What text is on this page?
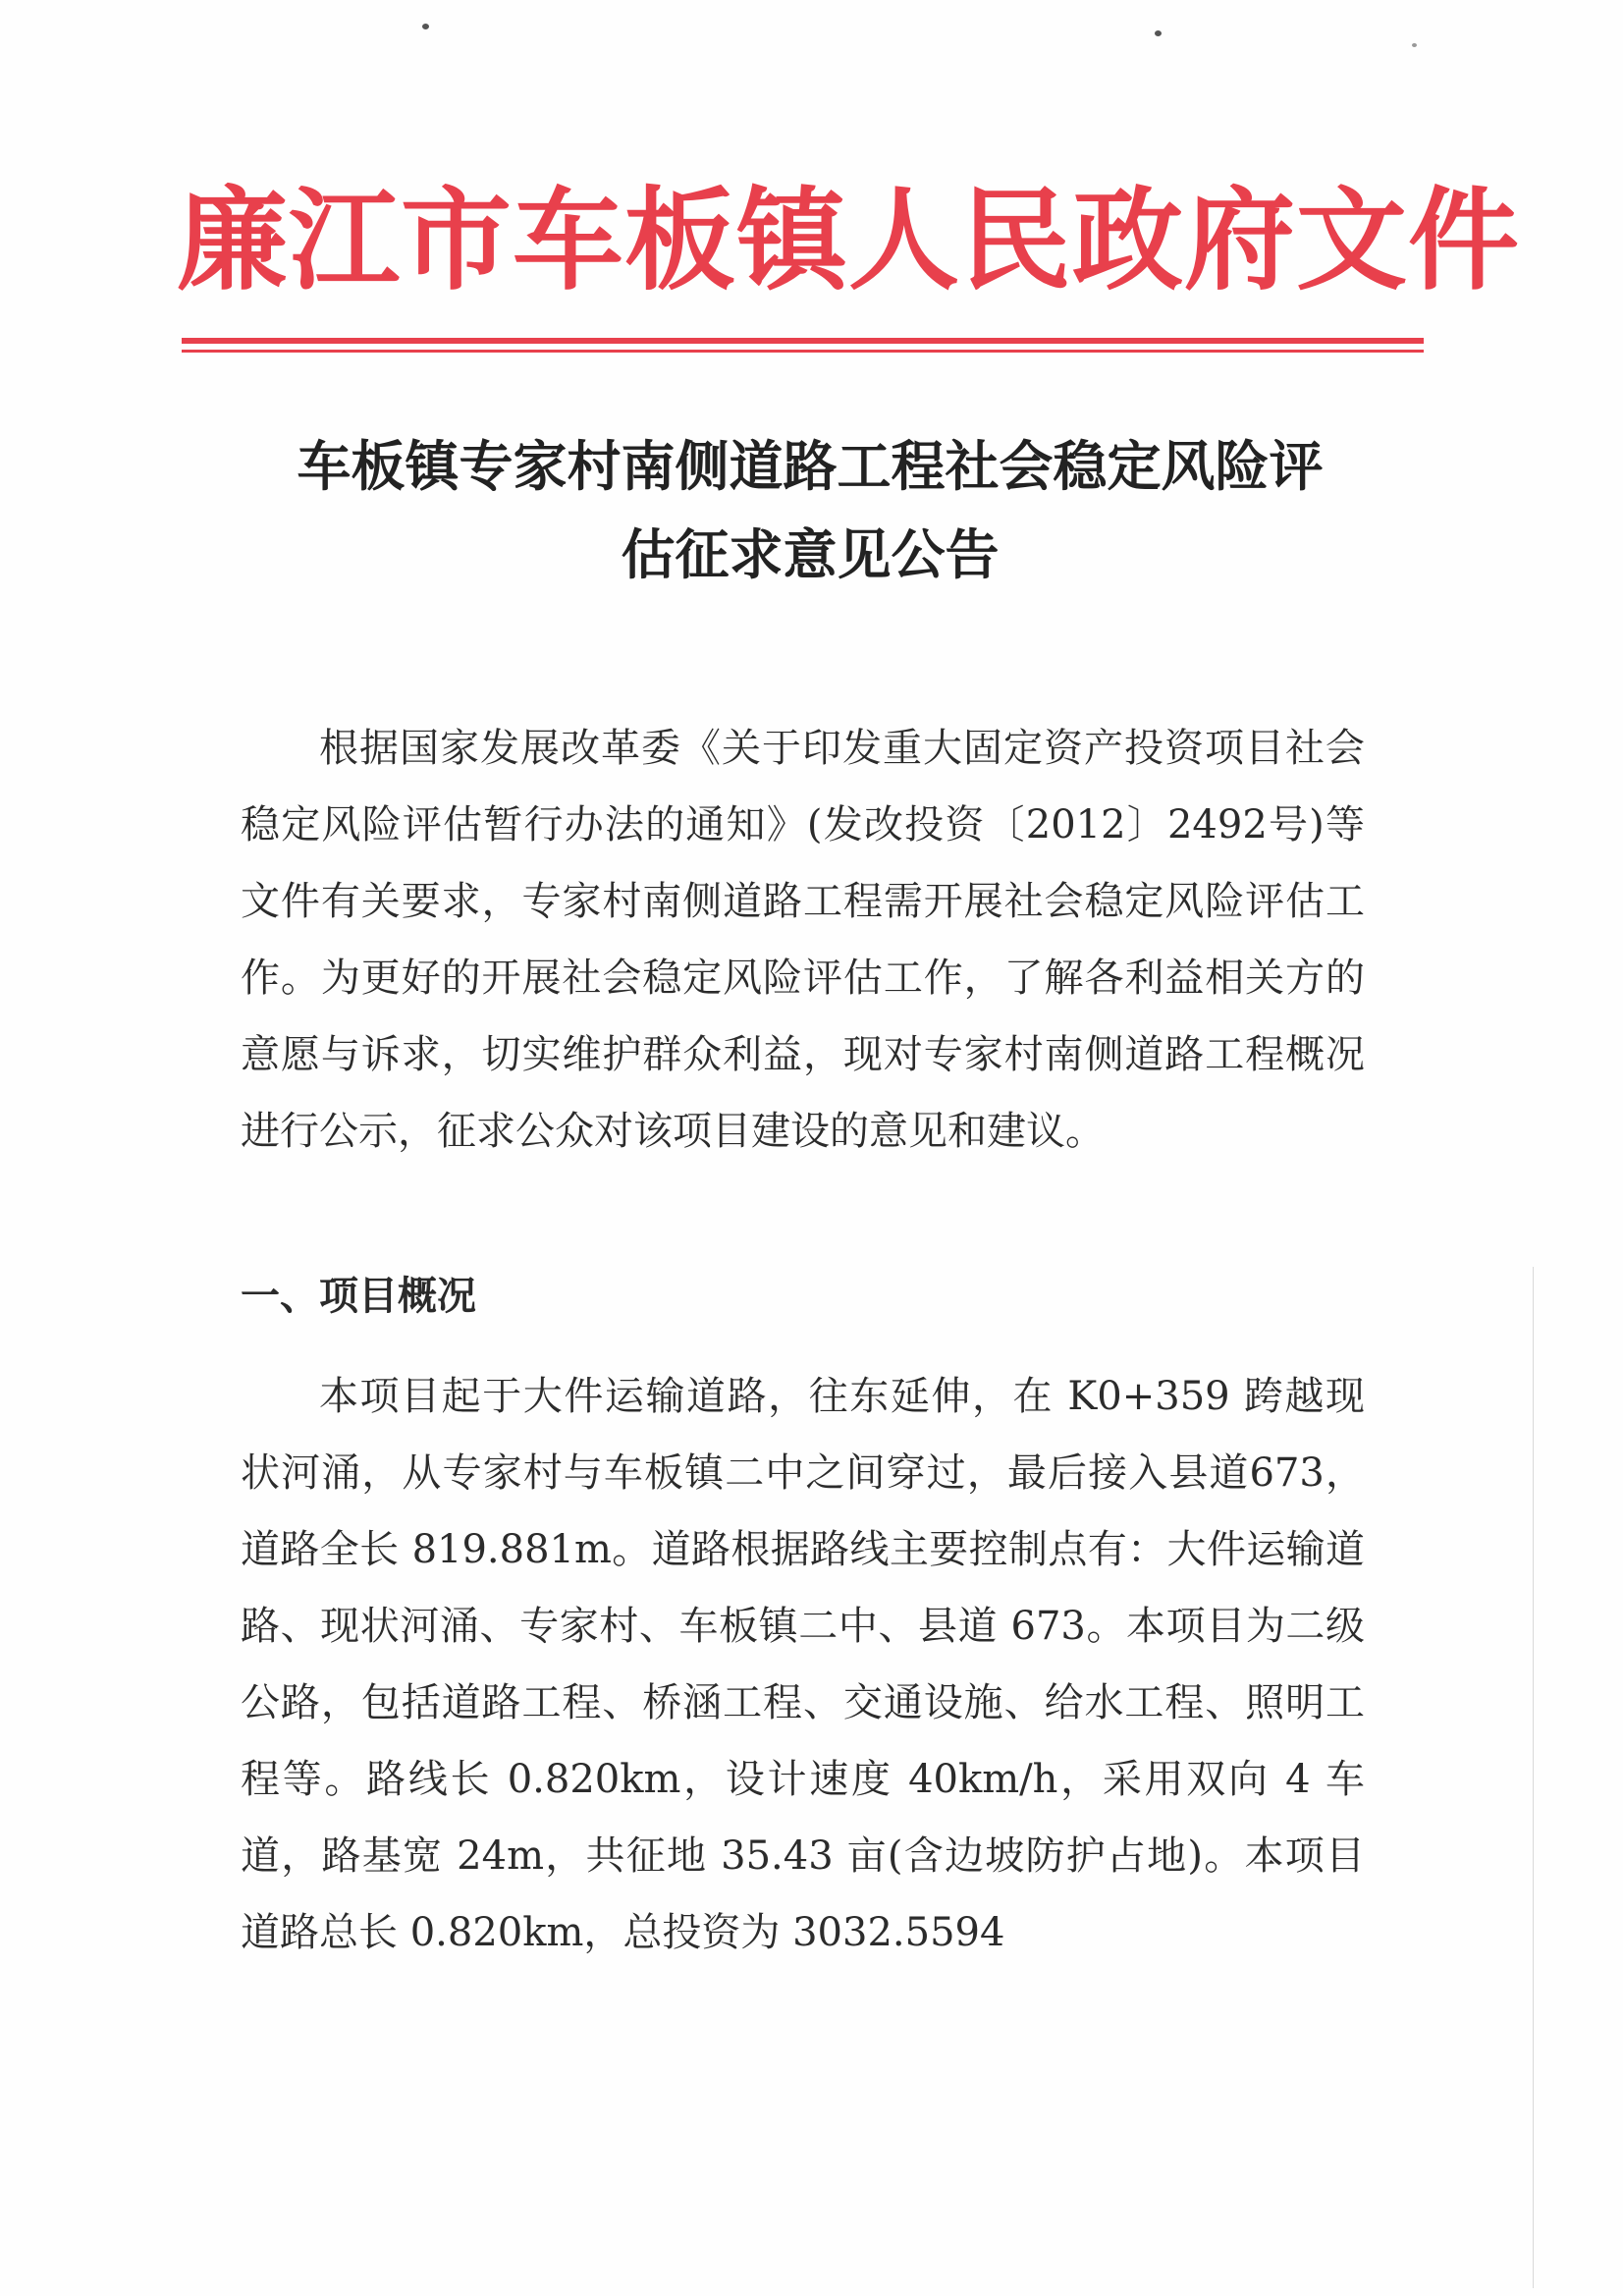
廉江市车板镇人民政府文件
车板镇专家村南侧道路工程社会稳定风险评
估征求意见公告

根据国家发展改革委《关于印发重大固定资产投资项目社会稳定风险评估暂行办法的通知》(发改投资〔2012〕2492号)等文件有关要求，专家村南侧道路工程需开展社会稳定风险评估工作。为更好的开展社会稳定风险评估工作，了解各利益相关方的意愿与诉求，切实维护群众利益，现对专家村南侧道路工程概况进行公示，征求公众对该项目建设的意见和建议。

一、项目概况

本项目起于大件运输道路，往东延伸，在 K0+359 跨越现状河涌，从专家村与车板镇二中之间穿过，最后接入县道673，道路全长 819.881m。道路根据路线主要控制点有：大件运输道路、现状河涌、专家村、车板镇二中、县道 673。本项目为二级公路，包括道路工程、桥涵工程、交通设施、给水工程、照明工程等。路线长 0.820km，设计速度 40km/h，采用双向 4 车道，路基宽 24m，共征地 35.43 亩(含边坡防护占地)。本项目道路总长 0.820km，总投资为 3032.5594
